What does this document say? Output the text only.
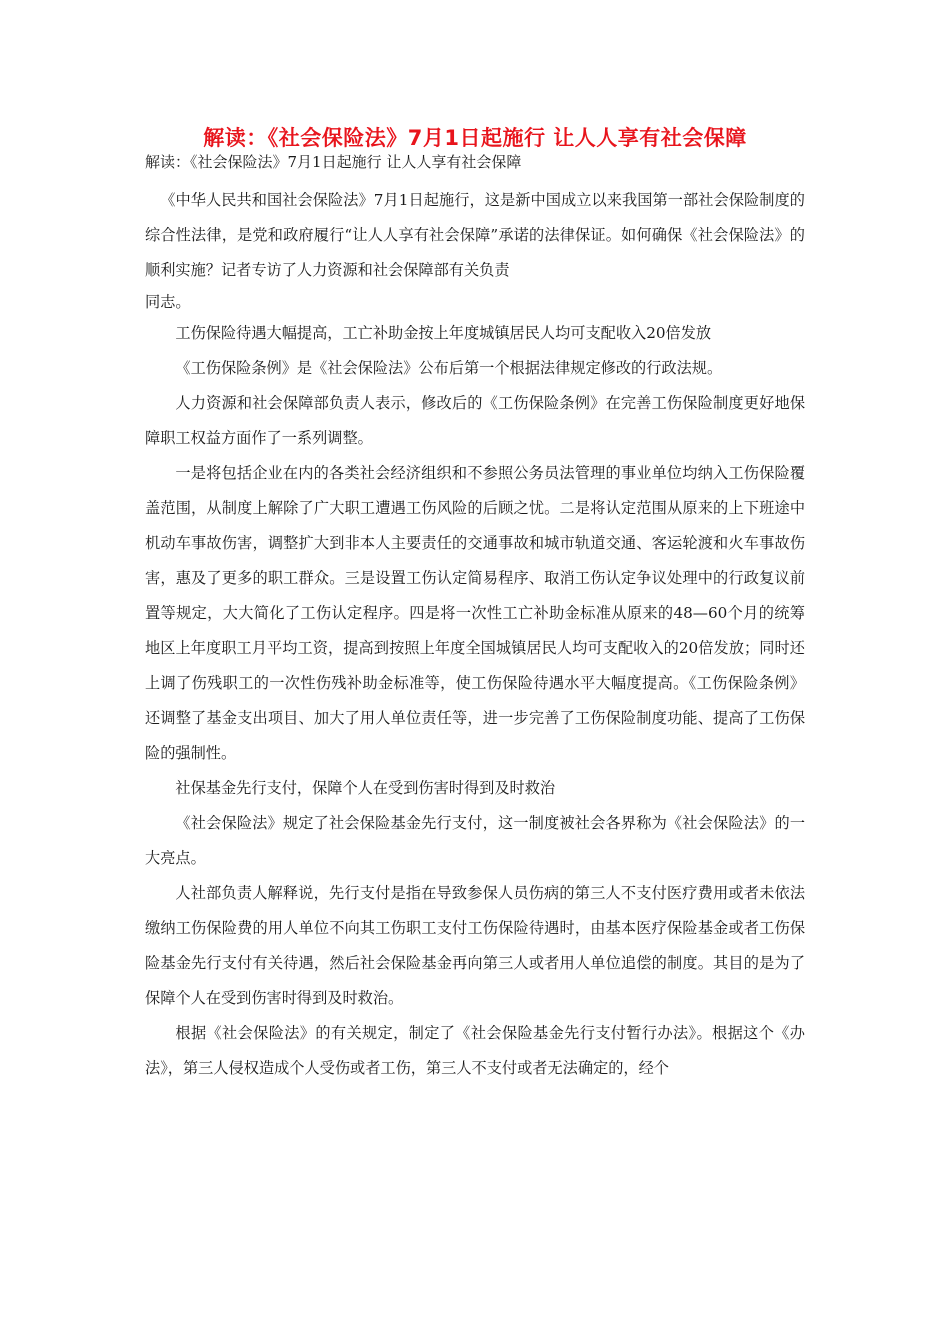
解读：《社会保险法》7月1日起施行 让人人享有社会保障
解读：《社会保险法》7月1日起施行 让人人享有社会保障

《中华人民共和国社会保险法》7月1日起施行，这是新中国成立以来我国第一部社会保险制度的综合性法律，是党和政府履行“让人人享有社会保障”承诺的法律保证。如何确保《社会保险法》的顺利实施？记者专访了人力资源和社会保障部有关负责

同志。

工伤保险待遇大幅提高，工亡补助金按上年度城镇居民人均可支配收入20倍发放

《工伤保险条例》是《社会保险法》公布后第一个根据法律规定修改的行政法规。

人力资源和社会保障部负责人表示，修改后的《工伤保险条例》在完善工伤保险制度更好地保障职工权益方面作了一系列调整。

一是将包括企业在内的各类社会经济组织和不参照公务员法管理的事业单位均纳入工伤保险覆盖范围，从制度上解除了广大职工遭遇工伤风险的后顾之忧。二是将认定范围从原来的上下班途中机动车事故伤害，调整扩大到非本人主要责任的交通事故和城市轨道交通、客运轮渡和火车事故伤害，惠及了更多的职工群众。三是设置工伤认定简易程序、取消工伤认定争议处理中的行政复议前置等规定，大大简化了工伤认定程序。四是将一次性工亡补助金标准从原来的48—60个月的统筹地区上年度职工月平均工资，提高到按照上年度全国城镇居民人均可支配收入的20倍发放；同时还上调了伤残职工的一次性伤残补助金标准等，使工伤保险待遇水平大幅度提高。《工伤保险条例》还调整了基金支出项目、加大了用人单位责任等，进一步完善了工伤保险制度功能、提高了工伤保险的强制性。

社保基金先行支付，保障个人在受到伤害时得到及时救治

《社会保险法》规定了社会保险基金先行支付，这一制度被社会各界称为《社会保险法》的一大亮点。

人社部负责人解释说，先行支付是指在导致参保人员伤病的第三人不支付医疗费用或者未依法缴纳工伤保险费的用人单位不向其工伤职工支付工伤保险待遇时，由基本医疗保险基金或者工伤保险基金先行支付有关待遇，然后社会保险基金再向第三人或者用人单位追偿的制度。其目的是为了保障个人在受到伤害时得到及时救治。

根据《社会保险法》的有关规定，制定了《社会保险基金先行支付暂行办法》。根据这个《办法》，第三人侵权造成个人受伤或者工伤，第三人不支付或者无法确定的，经个
